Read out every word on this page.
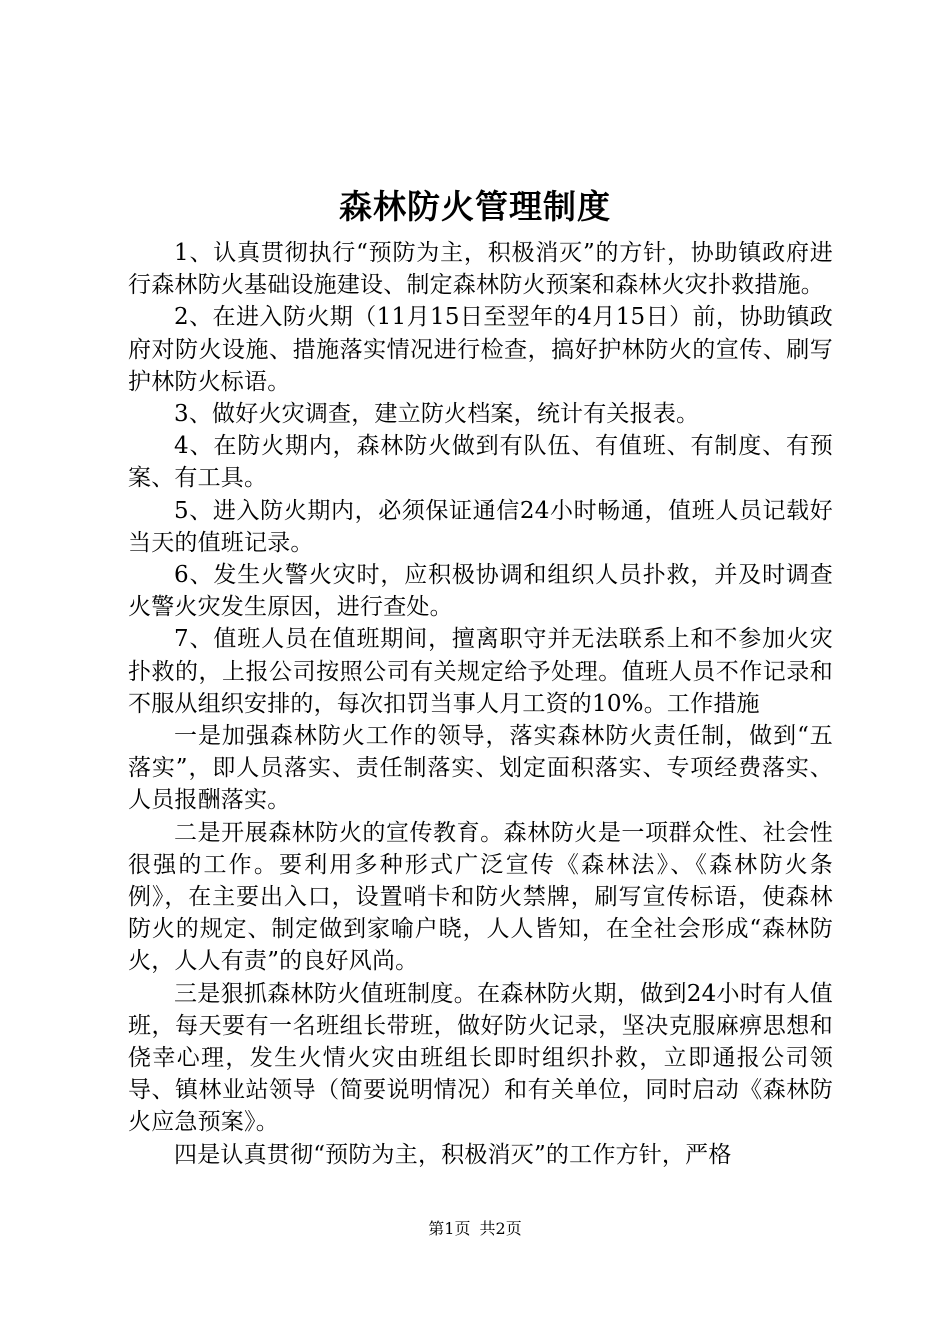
森林防火管理制度

1、认真贯彻执行“预防为主，积极消灭”的方针，协助镇政府进行森林防火基础设施建设、制定森林防火预案和森林火灾扑救措施。

2、在进入防火期（11月15日至翌年的4月15日）前，协助镇政府对防火设施、措施落实情况进行检查，搞好护林防火的宣传、刷写护林防火标语。

3、做好火灾调查，建立防火档案，统计有关报表。

4、在防火期内，森林防火做到有队伍、有值班、有制度、有预案、有工具。

5、进入防火期内，必须保证通信24小时畅通，值班人员记载好当天的值班记录。

6、发生火警火灾时，应积极协调和组织人员扑救，并及时调查火警火灾发生原因，进行查处。

7、值班人员在值班期间，擅离职守并无法联系上和不参加火灾扑救的，上报公司按照公司有关规定给予处理。值班人员不作记录和不服从组织安排的，每次扣罚当事人月工资的10%。工作措施

一是加强森林防火工作的领导，落实森林防火责任制，做到“五落实”，即人员落实、责任制落实、划定面积落实、专项经费落实、人员报酬落实。

二是开展森林防火的宣传教育。森林防火是一项群众性、社会性很强的工作。要利用多种形式广泛宣传《森林法》、《森林防火条例》，在主要出入口，设置哨卡和防火禁牌，刷写宣传标语，使森林防火的规定、制定做到家喻户晓，人人皆知，在全社会形成“森林防火，人人有责”的良好风尚。

三是狠抓森林防火值班制度。在森林防火期，做到24小时有人值班，每天要有一名班组长带班，做好防火记录，坚决克服麻痹思想和侥幸心理，发生火情火灾由班组长即时组织扑救，立即通报公司领导、镇林业站领导（简要说明情况）和有关单位，同时启动《森林防火应急预案》。

四是认真贯彻“预防为主，积极消灭”的工作方针，严格

第1页 共2页
